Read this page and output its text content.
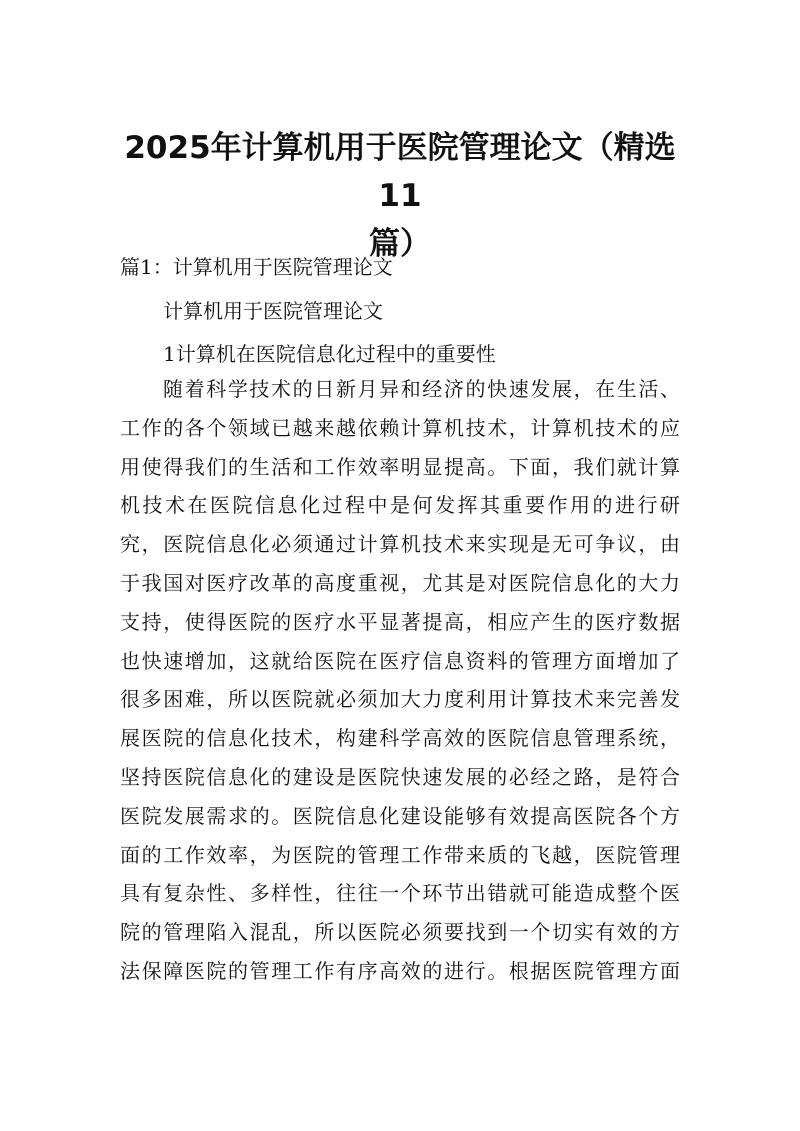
2025年计算机用于医院管理论文（精选11
篇）

篇1：计算机用于医院管理论文

计算机用于医院管理论文

1计算机在医院信息化过程中的重要性

随着科学技术的日新月异和经济的快速发展，在生活、
工作的各个领域已越来越依赖计算机技术，计算机技术的应
用使得我们的生活和工作效率明显提高。下面，我们就计算
机技术在医院信息化过程中是何发挥其重要作用的进行研
究，医院信息化必须通过计算机技术来实现是无可争议，由
于我国对医疗改革的高度重视，尤其是对医院信息化的大力
支持，使得医院的医疗水平显著提高，相应产生的医疗数据
也快速增加，这就给医院在医疗信息资料的管理方面增加了
很多困难，所以医院就必须加大力度利用计算技术来完善发
展医院的信息化技术，构建科学高效的医院信息管理系统，
坚持医院信息化的建设是医院快速发展的必经之路，是符合
医院发展需求的。医院信息化建设能够有效提高医院各个方
面的工作效率，为医院的管理工作带来质的飞越，医院管理
具有复杂性、多样性，往往一个环节出错就可能造成整个医
院的管理陷入混乱，所以医院必须要找到一个切实有效的方
法保障医院的管理工作有序高效的进行。根据医院管理方面
